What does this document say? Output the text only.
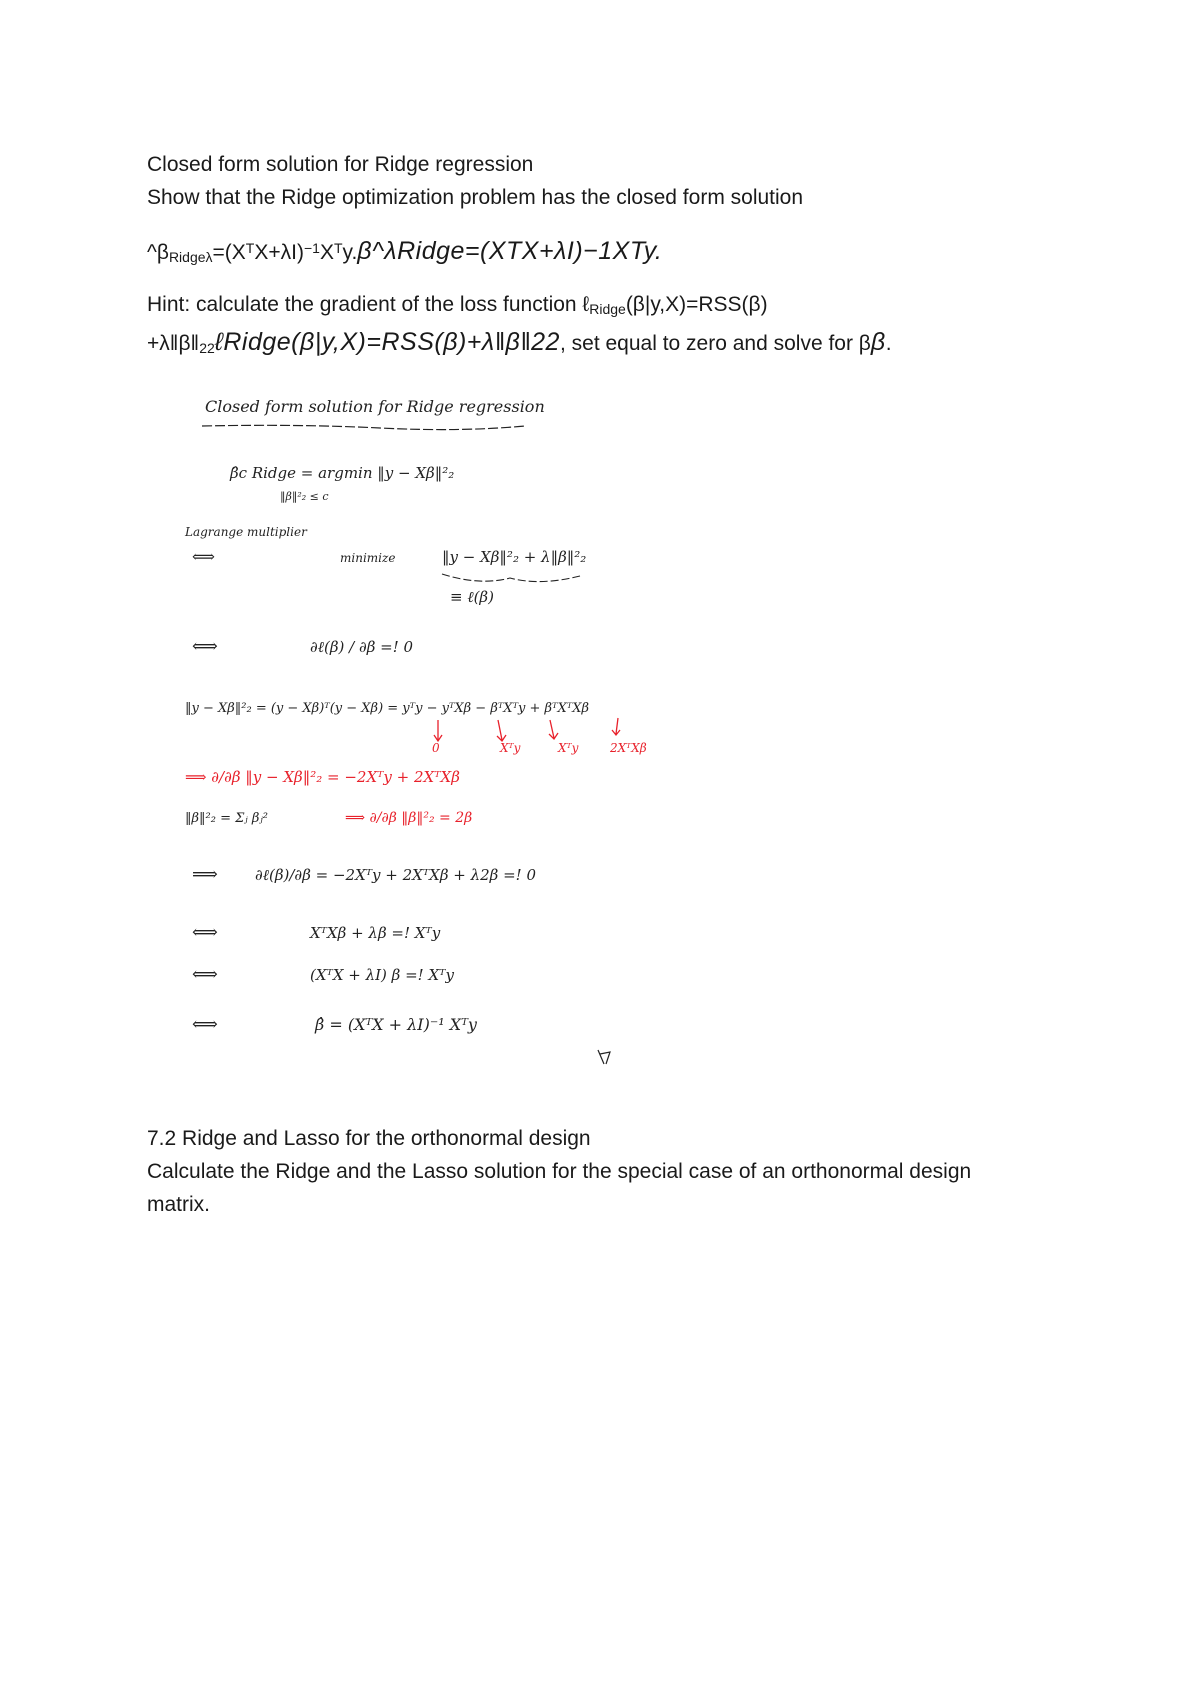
Closed form solution for Ridge regression
Show that the Ridge optimization problem has the closed form solution
$\^{}\beta Ridge\lambda=(X^TX+\lambda I)^{-1}X^Ty.\beta\^{}\lambda Ridge=(XTX+\lambda I)-1XTy$.
Hint: calculate the gradient of the loss function ℓRidge(β|y,X)=RSS(β)
+λ‖β‖22ℓRidge(β|y,X)=RSS(β)+λ‖β‖22, set equal to zero and solve for ββ.
Closed form solution for Ridge regression
β̂c Ridge = argmin ‖y − Xβ‖²₂
‖β‖²₂ ≤ c
Lagrange multiplier
⟺	minimize	‖y − Xβ‖²₂ + λ‖β‖²₂
≡ ℓ(β)
⟺	∂ℓ(β) / ∂β =! 0
‖y − Xβ‖²₂ = (y − Xβ)ᵀ(y − Xβ) = yᵀy − yᵀXβ − βᵀXᵀy + βᵀXᵀXβ
0	Xᵀy	Xᵀy	2XᵀXβ
⟹ ∂/∂β ‖y − Xβ‖²₂ = −2Xᵀy + 2XᵀXβ
‖β‖²₂ = Σⱼ βⱼ²	⟹ ∂/∂β ‖β‖²₂ = 2β
⟹ ∂ℓ(β)/∂β = −2Xᵀy + 2XᵀXβ + λ2β =! 0
⟺	XᵀXβ + λβ =! Xᵀy
⟺	(XᵀX + λI) β =! Xᵀy
⟺	β̂ = (XᵀX + λI)⁻¹ Xᵀy
7.2 Ridge and Lasso for the orthonormal design
Calculate the Ridge and the Lasso solution for the special case of an orthonormal design
matrix.
